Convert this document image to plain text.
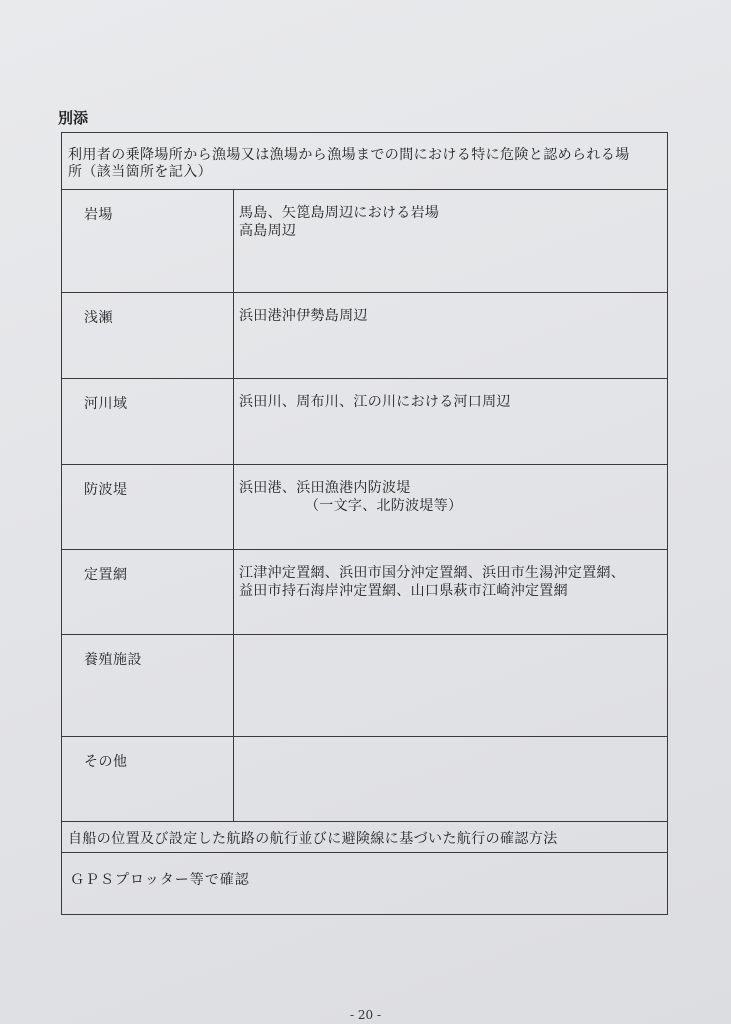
別添
利用者の乗降場所から漁場又は漁場から漁場までの間における特に危険と認められる場
所（該当箇所を記入）
岩場	馬島、矢箆島周辺における岩場
高島周辺
浅瀬	浜田港沖伊勢島周辺
河川域	浜田川、周布川、江の川における河口周辺
防波堤	浜田港、浜田漁港内防波堤
（一文字、北防波堤等）
定置網	江津沖定置網、浜田市国分沖定置網、浜田市生湯沖定置網、
益田市持石海岸沖定置網、山口県萩市江崎沖定置網
養殖施設
その他
自船の位置及び設定した航路の航行並びに避険線に基づいた航行の確認方法
ＧＰＳプロッター等で確認
- 20 -
